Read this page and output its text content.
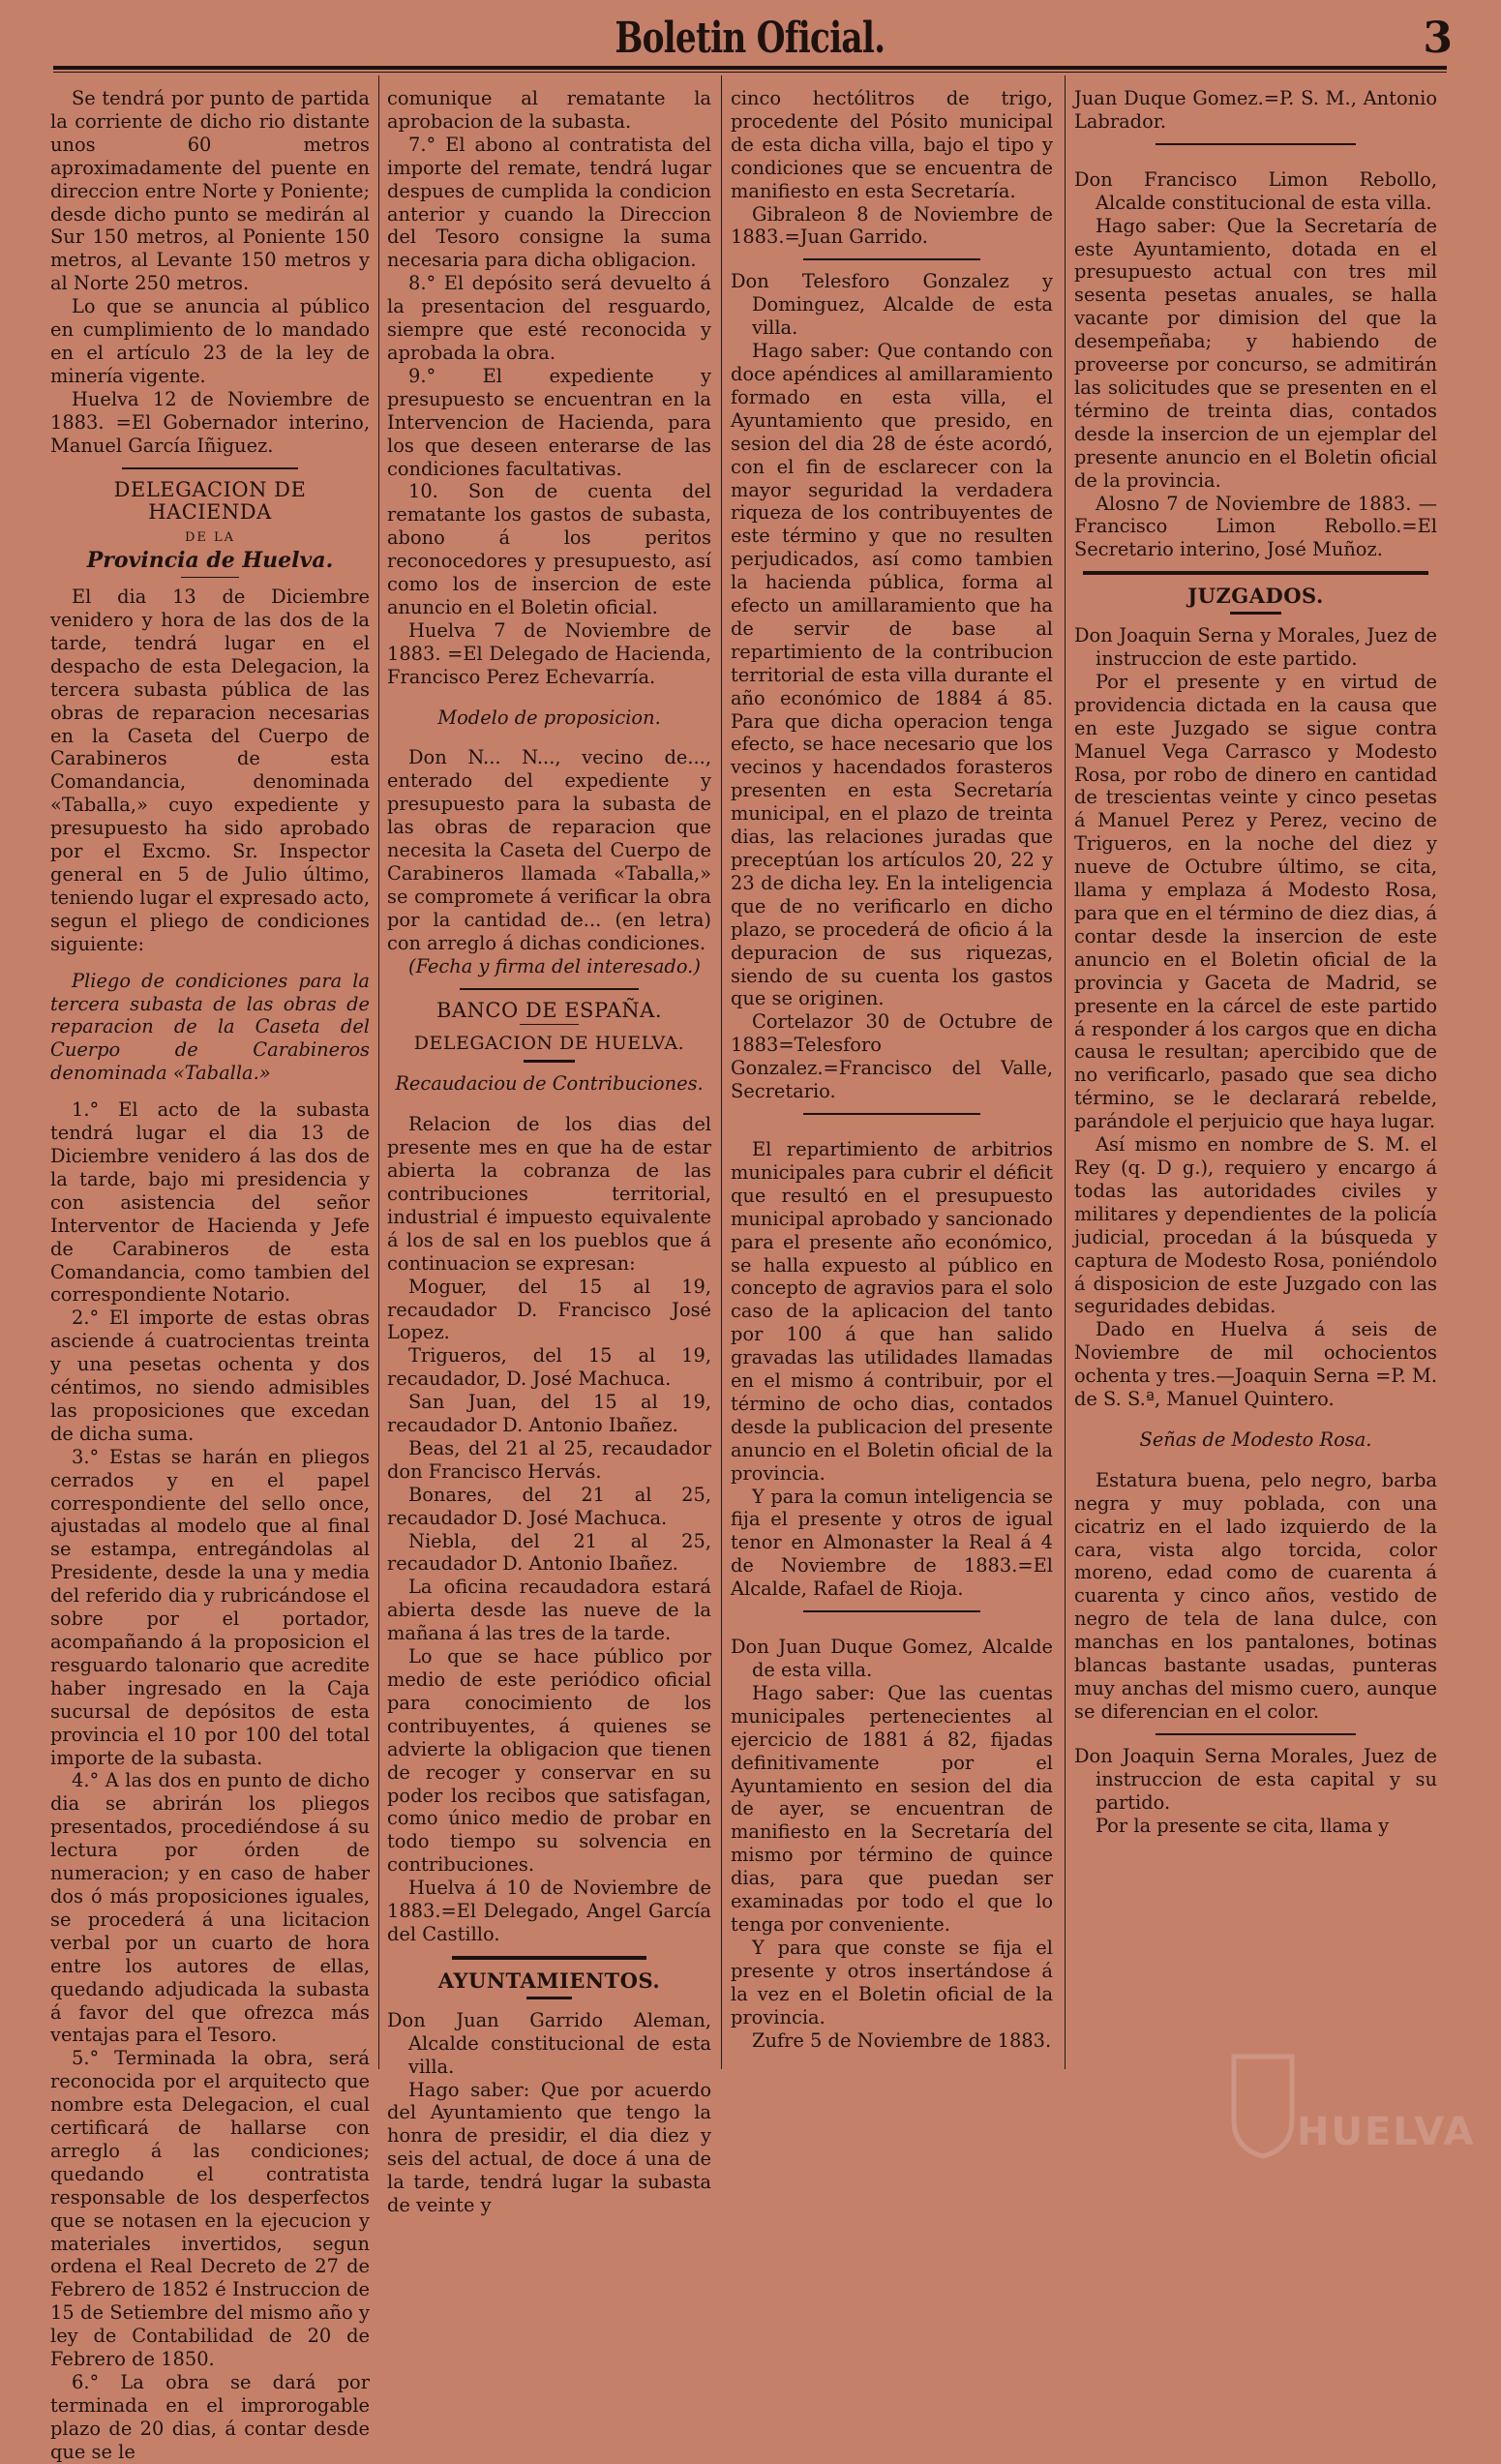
Boletin Oficial.	3

Se tendrá por punto de partida la corriente de dicho rio distante unos 60 metros aproximadamente del puente en direccion entre Norte y Poniente; desde dicho punto se medirán al Sur 150 metros, al Poniente 150 metros, al Levante 150 metros y al Norte 250 metros.

Lo que se anuncia al público en cumplimiento de lo mandado en el artículo 23 de la ley de minería vigente.

Huelva 12 de Noviembre de 1883. =El Gobernador interino, Manuel García Iñiguez.

DELEGACION DE HACIENDA
DE LA
Provincia de Huelva.

El dia 13 de Diciembre venidero y hora de las dos de la tarde, tendrá lugar en el despacho de esta Delegacion, la tercera subasta pública de las obras de reparacion necesarias en la Caseta del Cuerpo de Carabineros de esta Comandancia, denominada «Taballa,» cuyo expediente y presupuesto ha sido aprobado por el Excmo. Sr. Inspector general en 5 de Julio último, teniendo lugar el expresado acto, segun el pliego de condiciones siguiente:

Pliego de condiciones para la tercera subasta de las obras de reparacion de la Caseta del Cuerpo de Carabineros denominada «Taballa.»

1.° El acto de la subasta tendrá lugar el dia 13 de Diciembre venidero á las dos de la tarde, bajo mi presidencia y con asistencia del señor Interventor de Hacienda y Jefe de Carabineros de esta Comandancia, como tambien del correspondiente Notario.

2.° El importe de estas obras asciende á cuatrocientas treinta y una pesetas ochenta y dos céntimos, no siendo admisibles las proposiciones que excedan de dicha suma.

3.° Estas se harán en pliegos cerrados y en el papel correspondiente del sello once, ajustadas al modelo que al final se estampa, entregándolas al Presidente, desde la una y media del referido dia y rubricándose el sobre por el portador, acompañando á la proposicion el resguardo talonario que acredite haber ingresado en la Caja sucursal de depósitos de esta provincia el 10 por 100 del total importe de la subasta.

4.° A las dos en punto de dicho dia se abrirán los pliegos presentados, procediéndose á su lectura por órden de numeracion; y en caso de haber dos ó más proposiciones iguales, se procederá á una licitacion verbal por un cuarto de hora entre los autores de ellas, quedando adjudicada la subasta á favor del que ofrezca más ventajas para el Tesoro.

5.° Terminada la obra, será reconocida por el arquitecto que nombre esta Delegacion, el cual certificará de hallarse con arreglo á las condiciones; quedando el contratista responsable de los desperfectos que se notasen en la ejecucion y materiales invertidos, segun ordena el Real Decreto de 27 de Febrero de 1852 é Instruccion de 15 de Setiembre del mismo año y ley de Contabilidad de 20 de Febrero de 1850.

6.° La obra se dará por terminada en el improrogable plazo de 20 dias, á contar desde que se le

comunique al rematante la aprobacion de la subasta.

7.° El abono al contratista del importe del remate, tendrá lugar despues de cumplida la condicion anterior y cuando la Direccion del Tesoro consigne la suma necesaria para dicha obligacion.

8.° El depósito será devuelto á la presentacion del resguardo, siempre que esté reconocida y aprobada la obra.

9.° El expediente y presupuesto se encuentran en la Intervencion de Hacienda, para los que deseen enterarse de las condiciones facultativas.

10. Son de cuenta del rematante los gastos de subasta, abono á los peritos reconocedores y presupuesto, así como los de insercion de este anuncio en el Boletin oficial.

Huelva 7 de Noviembre de 1883. =El Delegado de Hacienda, Francisco Perez Echevarría.

Modelo de proposicion.

Don N... N..., vecino de..., enterado del expediente y presupuesto para la subasta de las obras de reparacion que necesita la Caseta del Cuerpo de Carabineros llamada «Taballa,» se compromete á verificar la obra por la cantidad de... (en letra) con arreglo á dichas condiciones.

(Fecha y firma del interesado.)

BANCO DE ESPAÑA.
DELEGACION DE HUELVA.
Recaudaciou de Contribuciones.

Relacion de los dias del presente mes en que ha de estar abierta la cobranza de las contribuciones territorial, industrial é impuesto equivalente á los de sal en los pueblos que á continuacion se expresan:

Moguer, del 15 al 19, recaudador D. Francisco José Lopez.

Trigueros, del 15 al 19, recaudador, D. José Machuca.

San Juan, del 15 al 19, recaudador D. Antonio Ibañez.

Beas, del 21 al 25, recaudador don Francisco Hervás.

Bonares, del 21 al 25, recaudador D. José Machuca.

Niebla, del 21 al 25, recaudador D. Antonio Ibañez.

La oficina recaudadora estará abierta desde las nueve de la mañana á las tres de la tarde.

Lo que se hace público por medio de este periódico oficial para conocimiento de los contribuyentes, á quienes se advierte la obligacion que tienen de recoger y conservar en su poder los recibos que satisfagan, como único medio de probar en todo tiempo su solvencia en contribuciones.

Huelva á 10 de Noviembre de 1883.=El Delegado, Angel García del Castillo.

AYUNTAMIENTOS.

Don Juan Garrido Aleman, Alcalde constitucional de esta villa.

Hago saber: Que por acuerdo del Ayuntamiento que tengo la honra de presidir, el dia diez y seis del actual, de doce á una de la tarde, tendrá lugar la subasta de veinte y

cinco hectólitros de trigo, procedente del Pósito municipal de esta dicha villa, bajo el tipo y condiciones que se encuentra de manifiesto en esta Secretaría.

Gibraleon 8 de Noviembre de 1883.=Juan Garrido.

Don Telesforo Gonzalez y Dominguez, Alcalde de esta villa.

Hago saber: Que contando con doce apéndices al amillaramiento formado en esta villa, el Ayuntamiento que presido, en sesion del dia 28 de éste acordó, con el fin de esclarecer con la mayor seguridad la verdadera riqueza de los contribuyentes de este término y que no resulten perjudicados, así como tambien la hacienda pública, forma al efecto un amillaramiento que ha de servir de base al repartimiento de la contribucion territorial de esta villa durante el año económico de 1884 á 85. Para que dicha operacion tenga efecto, se hace necesario que los vecinos y hacendados forasteros presenten en esta Secretaría municipal, en el plazo de treinta dias, las relaciones juradas que preceptúan los artículos 20, 22 y 23 de dicha ley. En la inteligencia que de no verificarlo en dicho plazo, se procederá de oficio á la depuracion de sus riquezas, siendo de su cuenta los gastos que se originen.

Cortelazor 30 de Octubre de 1883=Telesforo Gonzalez.=Francisco del Valle, Secretario.

El repartimiento de arbitrios municipales para cubrir el déficit que resultó en el presupuesto municipal aprobado y sancionado para el presente año económico, se halla expuesto al público en concepto de agravios para el solo caso de la aplicacion del tanto por 100 á que han salido gravadas las utilidades llamadas en el mismo á contribuir, por el término de ocho dias, contados desde la publicacion del presente anuncio en el Boletin oficial de la provincia.

Y para la comun inteligencia se fija el presente y otros de igual tenor en Almonaster la Real á 4 de Noviembre de 1883.=El Alcalde, Rafael de Rioja.

Don Juan Duque Gomez, Alcalde de esta villa.

Hago saber: Que las cuentas municipales pertenecientes al ejercicio de 1881 á 82, fijadas definitivamente por el Ayuntamiento en sesion del dia de ayer, se encuentran de manifiesto en la Secretaría del mismo por término de quince dias, para que puedan ser examinadas por todo el que lo tenga por conveniente.

Y para que conste se fija el presente y otros insertándose á la vez en el Boletin oficial de la provincia.

Zufre 5 de Noviembre de 1883.

Juan Duque Gomez.=P. S. M., Antonio Labrador.

Don Francisco Limon Rebollo, Alcalde constitucional de esta villa.

Hago saber: Que la Secretaría de este Ayuntamiento, dotada en el presupuesto actual con tres mil sesenta pesetas anuales, se halla vacante por dimision del que la desempeñaba; y habiendo de proveerse por concurso, se admitirán las solicitudes que se presenten en el término de treinta dias, contados desde la insercion de un ejemplar del presente anuncio en el Boletin oficial de la provincia.

Alosno 7 de Noviembre de 1883. —Francisco Limon Rebollo.=El Secretario interino, José Muñoz.

JUZGADOS.

Don Joaquin Serna y Morales, Juez de instruccion de este partido.

Por el presente y en virtud de providencia dictada en la causa que en este Juzgado se sigue contra Manuel Vega Carrasco y Modesto Rosa, por robo de dinero en cantidad de trescientas veinte y cinco pesetas á Manuel Perez y Perez, vecino de Trigueros, en la noche del diez y nueve de Octubre último, se cita, llama y emplaza á Modesto Rosa, para que en el término de diez dias, á contar desde la insercion de este anuncio en el Boletin oficial de la provincia y Gaceta de Madrid, se presente en la cárcel de este partido á responder á los cargos que en dicha causa le resultan; apercibido que de no verificarlo, pasado que sea dicho término, se le declarará rebelde, parándole el perjuicio que haya lugar.

Así mismo en nombre de S. M. el Rey (q. D g.), requiero y encargo á todas las autoridades civiles y militares y dependientes de la policía judicial, procedan á la búsqueda y captura de Modesto Rosa, poniéndolo á disposicion de este Juzgado con las seguridades debidas.

Dado en Huelva á seis de Noviembre de mil ochocientos ochenta y tres.—Joaquin Serna =P. M. de S. S.ª, Manuel Quintero.

Señas de Modesto Rosa.

Estatura buena, pelo negro, barba negra y muy poblada, con una cicatriz en el lado izquierdo de la cara, vista algo torcida, color moreno, edad como de cuarenta á cuarenta y cinco años, vestido de negro de tela de lana dulce, con manchas en los pantalones, botinas blancas bastante usadas, punteras muy anchas del mismo cuero, aunque se diferencian en el color.

Don Joaquin Serna Morales, Juez de instruccion de esta capital y su partido.

Por la presente se cita, llama y

HUELVA
